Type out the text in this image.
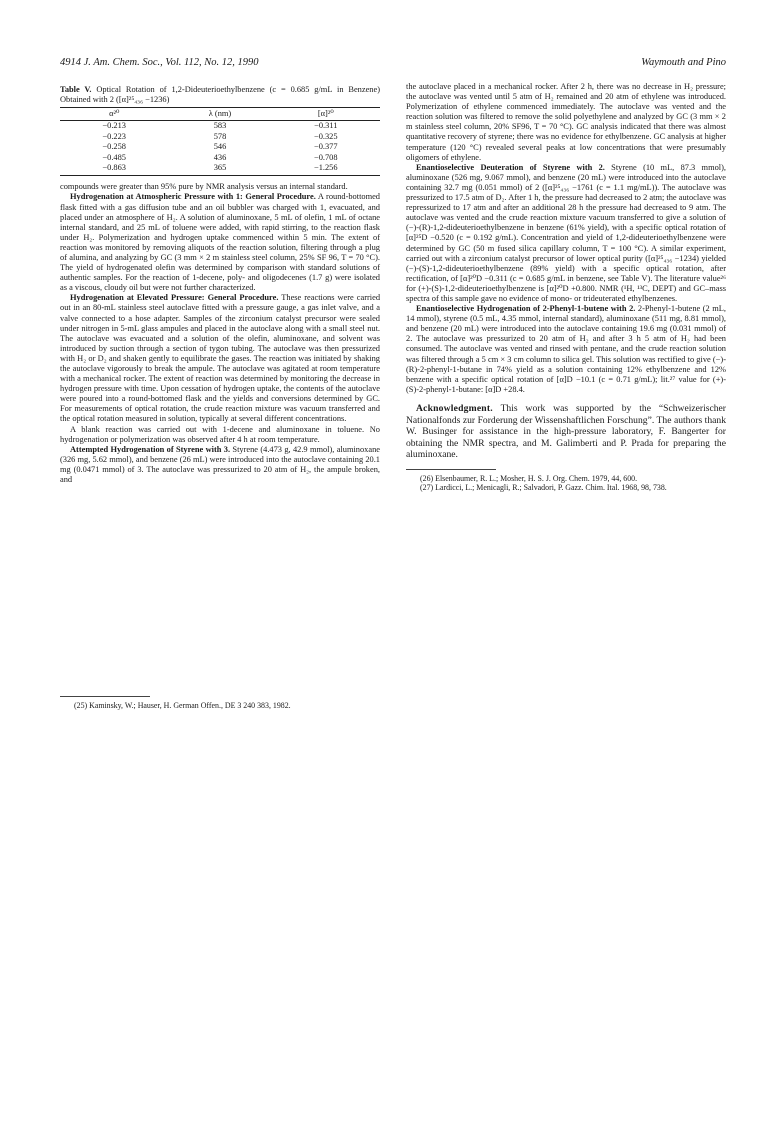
4914 J. Am. Chem. Soc., Vol. 112, No. 12, 1990	Waymouth and Pino
Table V. Optical Rotation of 1,2-Dideuterioethylbenzene (c = 0.685 g/mL in Benzene) Obtained with 2 ([α]²⁵₄₃₆ −1236)
α²⁰	λ (nm)	[α]²⁰
−0.213	583	−0.311
−0.223	578	−0.325
−0.258	546	−0.377
−0.485	436	−0.708
−0.863	365	−1.256

compounds were greater than 95% pure by NMR analysis versus an internal standard.

Hydrogenation at Atmospheric Pressure with 1: General Procedure. A round-bottomed flask fitted with a gas diffusion tube and an oil bubbler was charged with 1, evacuated, and placed under an atmosphere of H₂. A solution of aluminoxane, 5 mL of olefin, 1 mL of octane internal standard, and 25 mL of toluene were added, with rapid stirring, to the reaction flask under H₂. Polymerization and hydrogen uptake commenced within 5 min. The extent of reaction was monitored by removing aliquots of the reaction solution, filtering through a plug of alumina, and analyzing by GC (3 mm × 2 m stainless steel column, 25% SF 96, T = 70 °C). The yield of hydrogenated olefin was determined by comparison with standard solutions of authentic samples. For the reaction of 1-decene, poly- and oligodecenes (1.7 g) were isolated as a viscous, cloudy oil but were not further characterized.

Hydrogenation at Elevated Pressure: General Procedure. These reactions were carried out in an 80-mL stainless steel autoclave fitted with a pressure gauge, a gas inlet valve, and a valve connected to a hose adapter. Samples of the zirconium catalyst precursor were sealed under nitrogen in 5-mL glass ampules and placed in the autoclave along with a small steel nut. The autoclave was evacuated and a solution of the olefin, aluminoxane, and solvent was introduced by suction through a section of tygon tubing. The autoclave was then pressurized with H₂ or D₂ and shaken gently to equilibrate the gases. The reaction was initiated by shaking the autoclave vigorously to break the ampule. The autoclave was agitated at room temperature with a mechanical rocker. The extent of reaction was determined by monitoring the decrease in hydrogen pressure with time. Upon cessation of hydrogen uptake, the contents of the autoclave were poured into a round-bottomed flask and the yields and conversions determined by GC. For measurements of optical rotation, the crude reaction mixture was vacuum transferred and the optical rotation measured in solution, typically at several different concentrations.

A blank reaction was carried out with 1-decene and aluminoxane in toluene. No hydrogenation or polymerization was observed after 4 h at room temperature.

Attempted Hydrogenation of Styrene with 3. Styrene (4.473 g, 42.9 mmol), aluminoxane (326 mg, 5.62 mmol), and benzene (26 mL) were introduced into the autoclave containing 20.1 mg (0.0471 mmol) of 3. The autoclave was pressurized to 20 atm of H₂, the ampule broken, and

(25) Kaminsky, W.; Hauser, H. German Offen., DE 3 240 383, 1982.

the autoclave placed in a mechanical rocker. After 2 h, there was no decrease in H₂ pressure; the autoclave was vented until 5 atm of H₂ remained and 20 atm of ethylene was introduced. Polymerization of ethylene commenced immediately. The autoclave was vented and the reaction solution was filtered to remove the solid polyethylene and analyzed by GC (3 mm × 2 m stainless steel column, 20% SF96, T = 70 °C). GC analysis indicated that there was almost quantitative recovery of styrene; there was no evidence for ethylbenzene. GC analysis at higher temperature (120 °C) revealed several peaks at low concentrations that were presumably oligomers of ethylene.

Enantioselective Deuteration of Styrene with 2. Styrene (10 mL, 87.3 mmol), aluminoxane (526 mg, 9.067 mmol), and benzene (20 mL) were introduced into the autoclave containing 32.7 mg (0.051 mmol) of 2 ([α]²⁵₄₃₆ −1761 (c = 1.1 mg/mL)). The autoclave was pressurized to 17.5 atm of D₂. After 1 h, the pressure had decreased to 2 atm; the autoclave was repressurized to 17 atm and after an additional 28 h the pressure had decreased to 9 atm. The autoclave was vented and the crude reaction mixture vacuum transferred to give a solution of (−)-(R)-1,2-dideuterioethylbenzene in benzene (61% yield), with a specific optical rotation of [α]²⁵D −0.520 (c = 0.192 g/mL). Concentration and yield of 1,2-dideuterioethylbenzene were determined by GC (50 m fused silica capillary column, T = 100 °C). A similar experiment, carried out with a zirconium catalyst precursor of lower optical purity ([α]²⁵₄₃₆ −1234) yielded (−)-(S)-1,2-dideuterioethylbenzene (89% yield) with a specific optical rotation, after rectification, of [α]²⁰D −0.311 (c = 0.685 g/mL in benzene, see Table V). The literature value²⁶ for (+)-(S)-1,2-dideuterioethylbenzene is [α]²⁰D +0.800. NMR (¹H, ¹³C, DEPT) and GC–mass spectra of this sample gave no evidence of mono- or trideuterated ethylbenzenes.

Enantioselective Hydrogenation of 2-Phenyl-1-butene with 2. 2-Phenyl-1-butene (2 mL, 14 mmol), styrene (0.5 mL, 4.35 mmol, internal standard), aluminoxane (511 mg, 8.81 mmol), and benzene (20 mL) were introduced into the autoclave containing 19.6 mg (0.031 mmol) of 2. The autoclave was pressurized to 20 atm of H₂ and after 3 h 5 atm of H₂ had been consumed. The autoclave was vented and rinsed with pentane, and the crude reaction solution was filtered through a 5 cm × 3 cm column to silica gel. This solution was rectified to give (−)-(R)-2-phenyl-1-butane in 74% yield as a solution containing 12% ethylbenzene and 12% benzene with a specific optical rotation of [α]D −10.1 (c = 0.71 g/mL); lit.²⁷ value for (+)-(S)-2-phenyl-1-butane: [α]D +28.4.

Acknowledgment. This work was supported by the “Schweizerischer Nationalfonds zur Forderung der Wissenshaftlichen Forschung”. The authors thank W. Businger for assistance in the high-pressure laboratory, F. Bangerter for obtaining the NMR spectra, and M. Galimberti and P. Prada for preparing the aluminoxane.

(26) Elsenbaumer, R. L.; Mosher, H. S. J. Org. Chem. 1979, 44, 600.
(27) Lardicci, L.; Menicagli, R.; Salvadori, P. Gazz. Chim. Ital. 1968, 98, 738.
